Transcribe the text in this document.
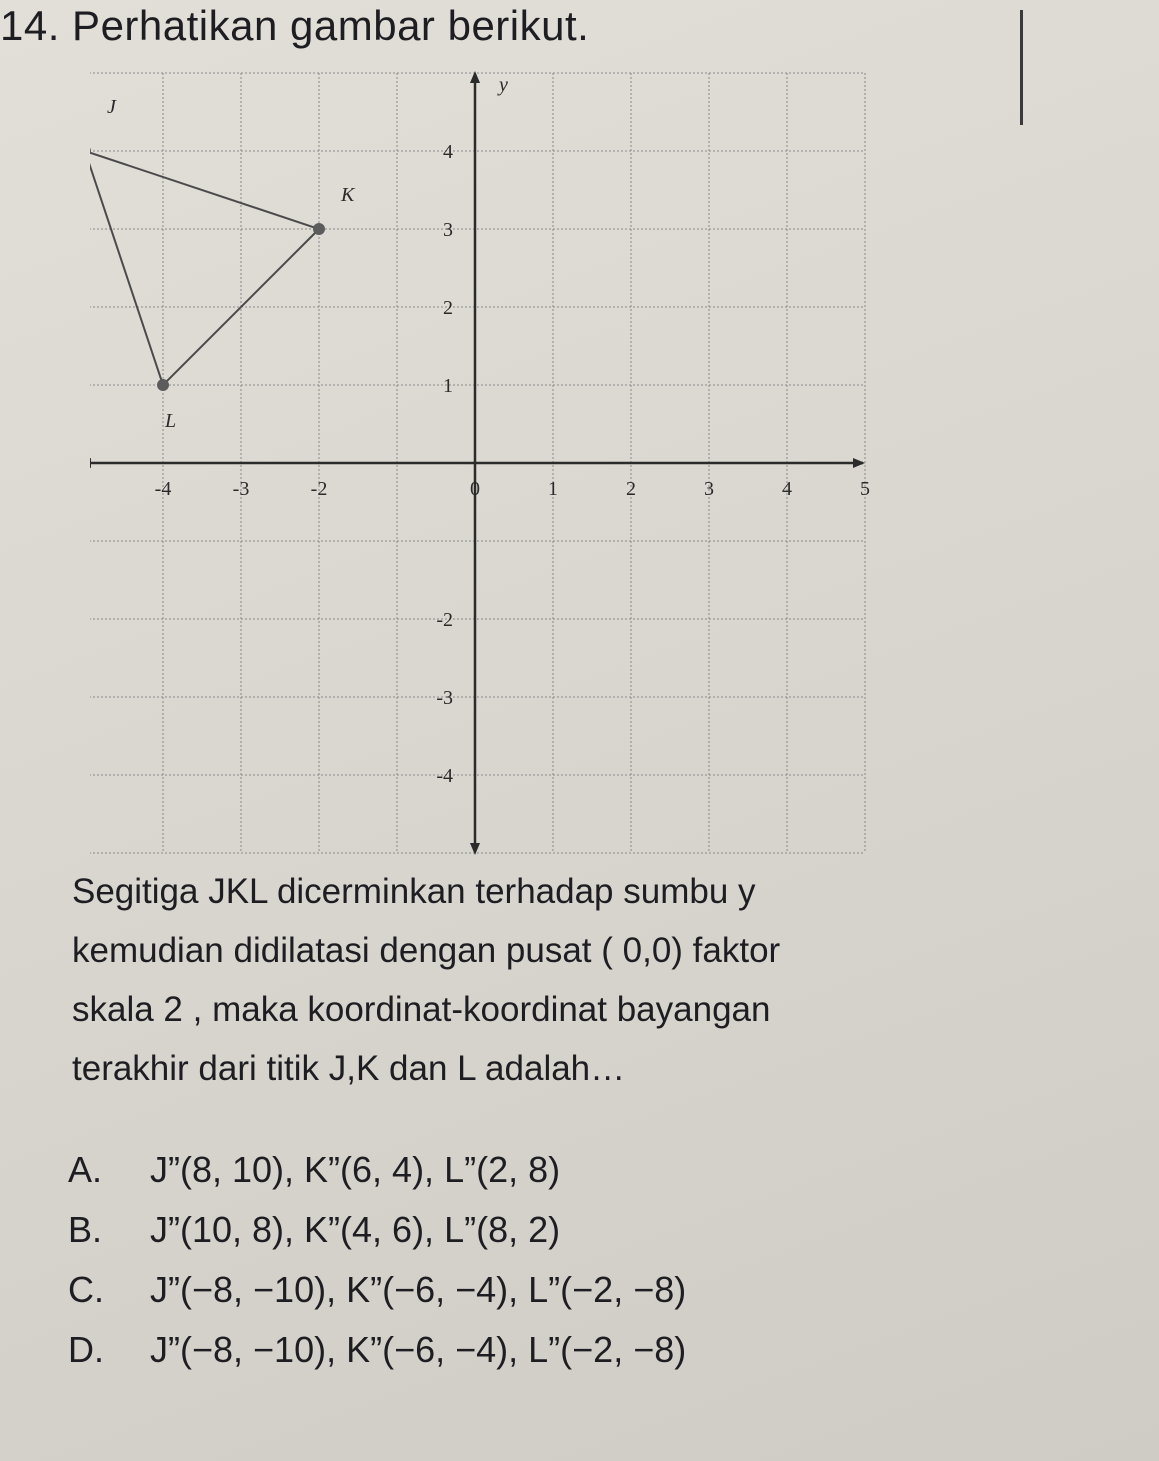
14. Perhatikan gambar berikut.
y
-4	-3	-2	0	1	2	3	4	5
4
3
2
1
-2
-3
-4
J
K
L
Segitiga JKL dicerminkan terhadap sumbu y
kemudian didilatasi dengan pusat ( 0,0) faktor
skala 2 , maka koordinat-koordinat bayangan
terakhir dari titik J,K dan L adalah…
A.	J”(8, 10), K”(6, 4), L”(2, 8)
B.	J”(10, 8), K”(4, 6), L”(8, 2)
C.	J”(−8, −10), K”(−6, −4), L”(−2, −8)
D.	J”(−8, −10), K”(−6, −4), L”(−2, −8)
